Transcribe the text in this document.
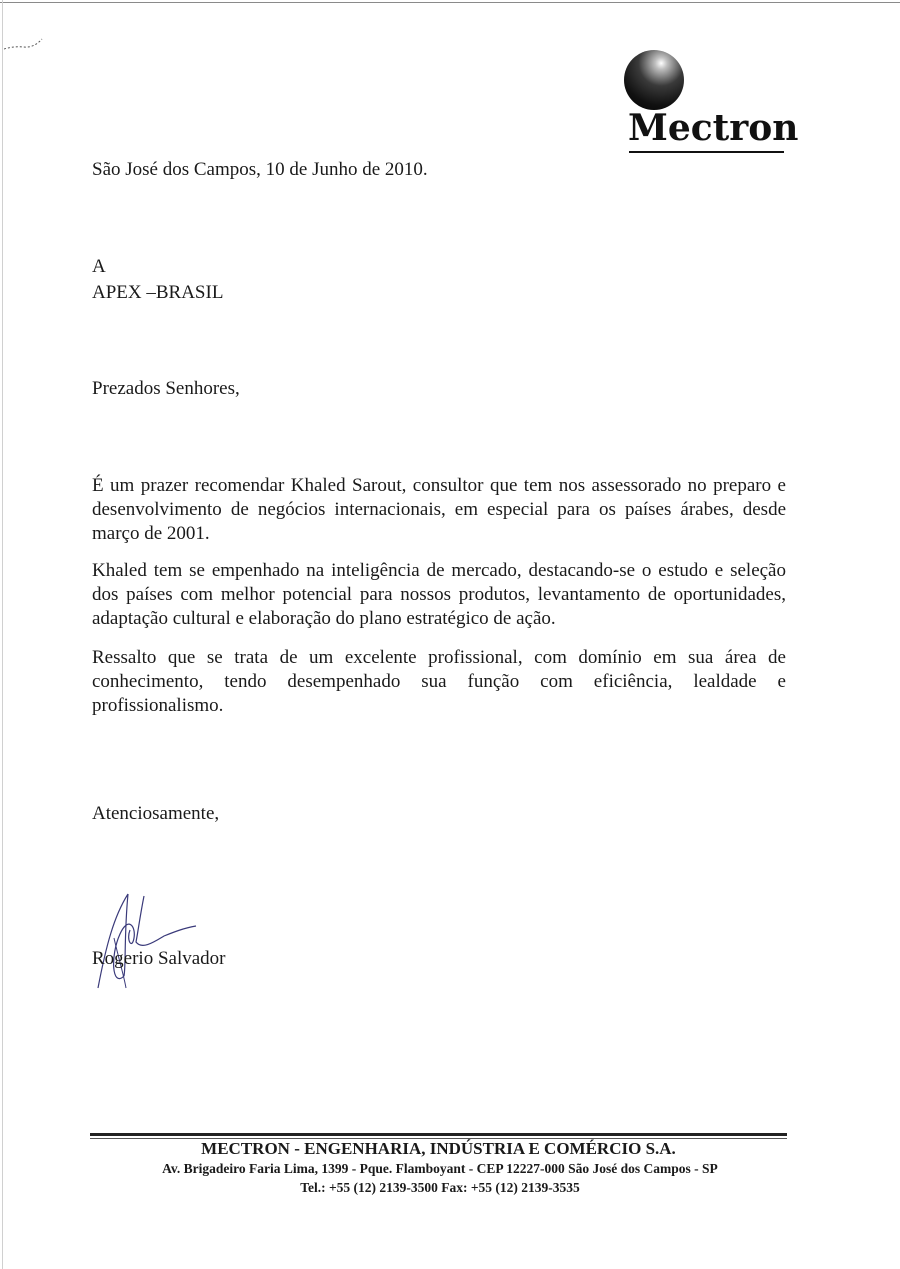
Mectron
São José dos Campos, 10 de Junho de 2010.
A
APEX –BRASIL
Prezados Senhores,
É um prazer recomendar Khaled Sarout, consultor que tem nos assessorado no preparo e desenvolvimento de negócios internacionais, em especial para os países árabes, desde março de 2001.
Khaled tem se empenhado na inteligência de mercado, destacando-se o estudo e seleção dos países com melhor potencial para nossos produtos, levantamento de oportunidades, adaptação cultural e elaboração do plano estratégico de ação.
Ressalto que se trata de um excelente profissional, com domínio em sua área de conhecimento, tendo desempenhado sua função com eficiência, lealdade e profissionalismo.
Atenciosamente,
Rogerio Salvador
MECTRON - ENGENHARIA, INDÚSTRIA E COMÉRCIO S.A.
Av. Brigadeiro Faria Lima, 1399 - Pque. Flamboyant - CEP 12227-000 São José dos Campos - SP
Tel.: +55 (12) 2139-3500 Fax: +55 (12) 2139-3535
